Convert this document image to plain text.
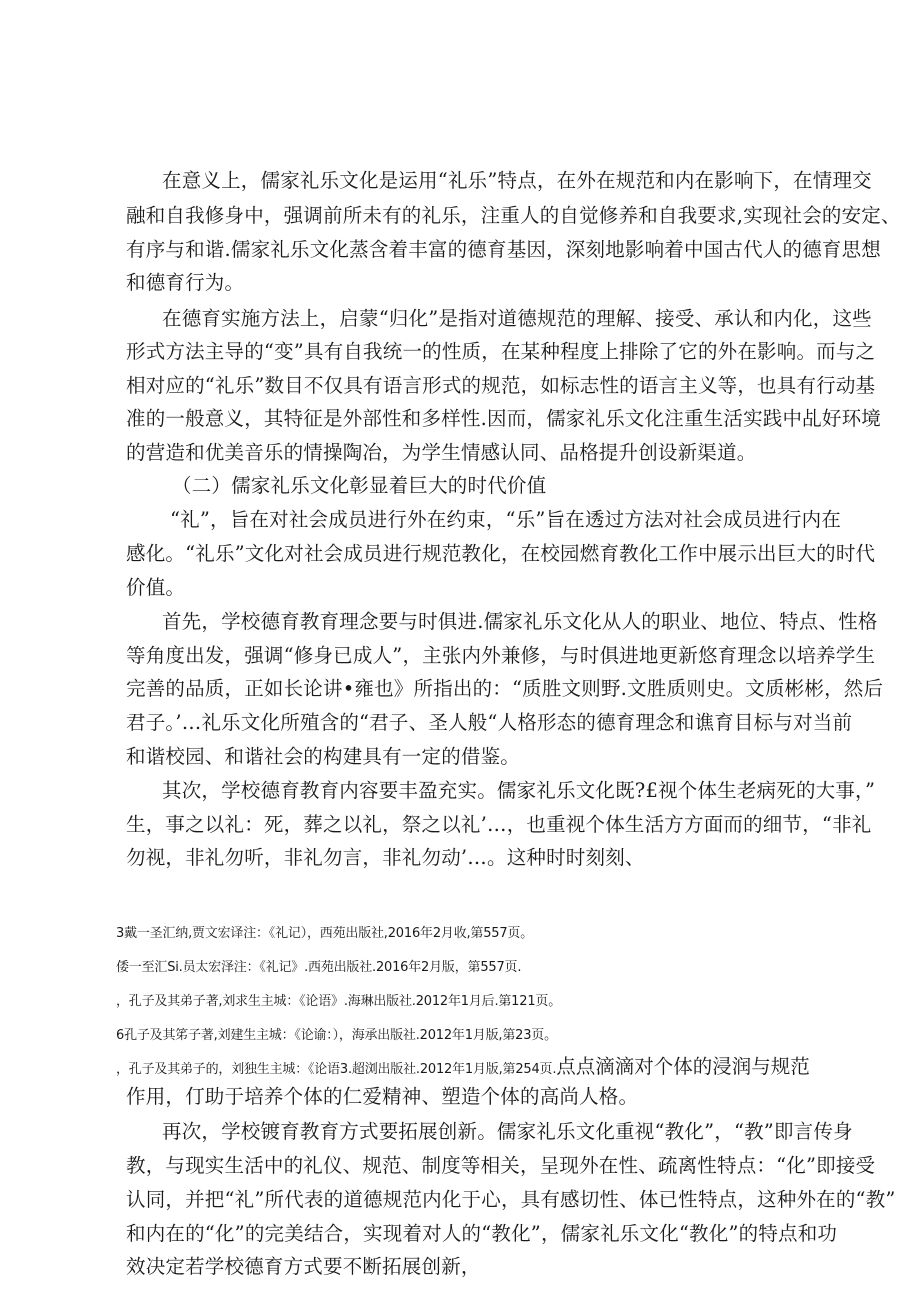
在意义上，儒家礼乐文化是运用“礼乐”特点，在外在规范和内在影响下，在情理交
融和自我修身中，强调前所未有的礼乐，注重人的自觉修养和自我要求,实现社会的安定、
有序与和谐.儒家礼乐文化蒸含着丰富的德育基因，深刻地影响着中国古代人的德育思想
和德育行为。
在德育实施方法上，启蒙“归化”是指对道德规范的理解、接受、承认和内化，这些
形式方法主导的“变”具有自我统一的性质，在某种程度上排除了它的外在影响。而与之
相对应的“礼乐”数目不仅具有语言形式的规范，如标志性的语言主义等，也具有行动基
准的一般意义，其特征是外部性和多样性.因而，儒家礼乐文化注重生活实践中乩好环境
的营造和优美音乐的情操陶冶，为学生情感认同、品格提升创设新渠道。
（二）儒家礼乐文化彰显着巨大的时代价值
“礼”，旨在对社会成员进行外在约束，“乐”旨在透过方法对社会成员进行内在
感化。“礼乐”文化对社会成员进行规范教化，在校园燃育教化工作中展示出巨大的时代
价值。
首先，学校德育教育理念要与时俱进.儒家礼乐文化从人的职业、地位、特点、性格
等角度出发，强调“修身已成人”，主张内外兼修，与时俱进地更新悠育理念以培养学生
完善的品质，正如长论讲•雍也》所指出的：“质胜文则野.文胜质则史。文质彬彬，然后
君子。’…礼乐文化所殖含的“君子、圣人般“人格形态的德育理念和谯育目标与对当前
和谐校园、和谐社会的构建具有一定的借鉴。
其次，学校德育教育内容要丰盈充实。儒家礼乐文化既?£视个体生老病死的大事，”
生，事之以礼：死，葬之以礼，祭之以礼’…，也重视个体生活方方面而的细节，“非礼
勿视，非礼勿听，非礼勿言，非礼勿动’…。这种时时刻刻、
3戴一圣汇纳,贾文宏译注：《礼记），西苑出版社,2016年2月收,第557页。
倭一至汇Si.员太宏泽注：《礼记》.西苑出版社.2016年2月版，第557页.
，孔子及其弟子著,刘求生主城：《论语》.海琳出版社.2012年1月后.第121页。
6孔子及其笫子著,刘建生主城：《论谕：），海承出版社.2012年1月版,第23页。
，孔子及其弟子的，刘独生主城：《论语3.超浏出版社.2012年1月版,第254页.点点滴滴对个体的浸润与规范
作用，仃助于培养个体的仁爱精神、塑造个体的高尚人格。
再次，学校镀育教育方式要拓展创新。儒家礼乐文化重视“教化”，“教”即言传身
教，与现实生活中的礼仪、规范、制度等相关，呈现外在性、疏离性特点：“化”即接受
认同，并把“礼”所代表的道德规范内化于心，具有感切性、体已性特点，这种外在的“教”
和内在的“化”的完美结合，实现着对人的“教化”，儒家礼乐文化“教化”的特点和功
效决定若学校德育方式要不断拓展创新，
